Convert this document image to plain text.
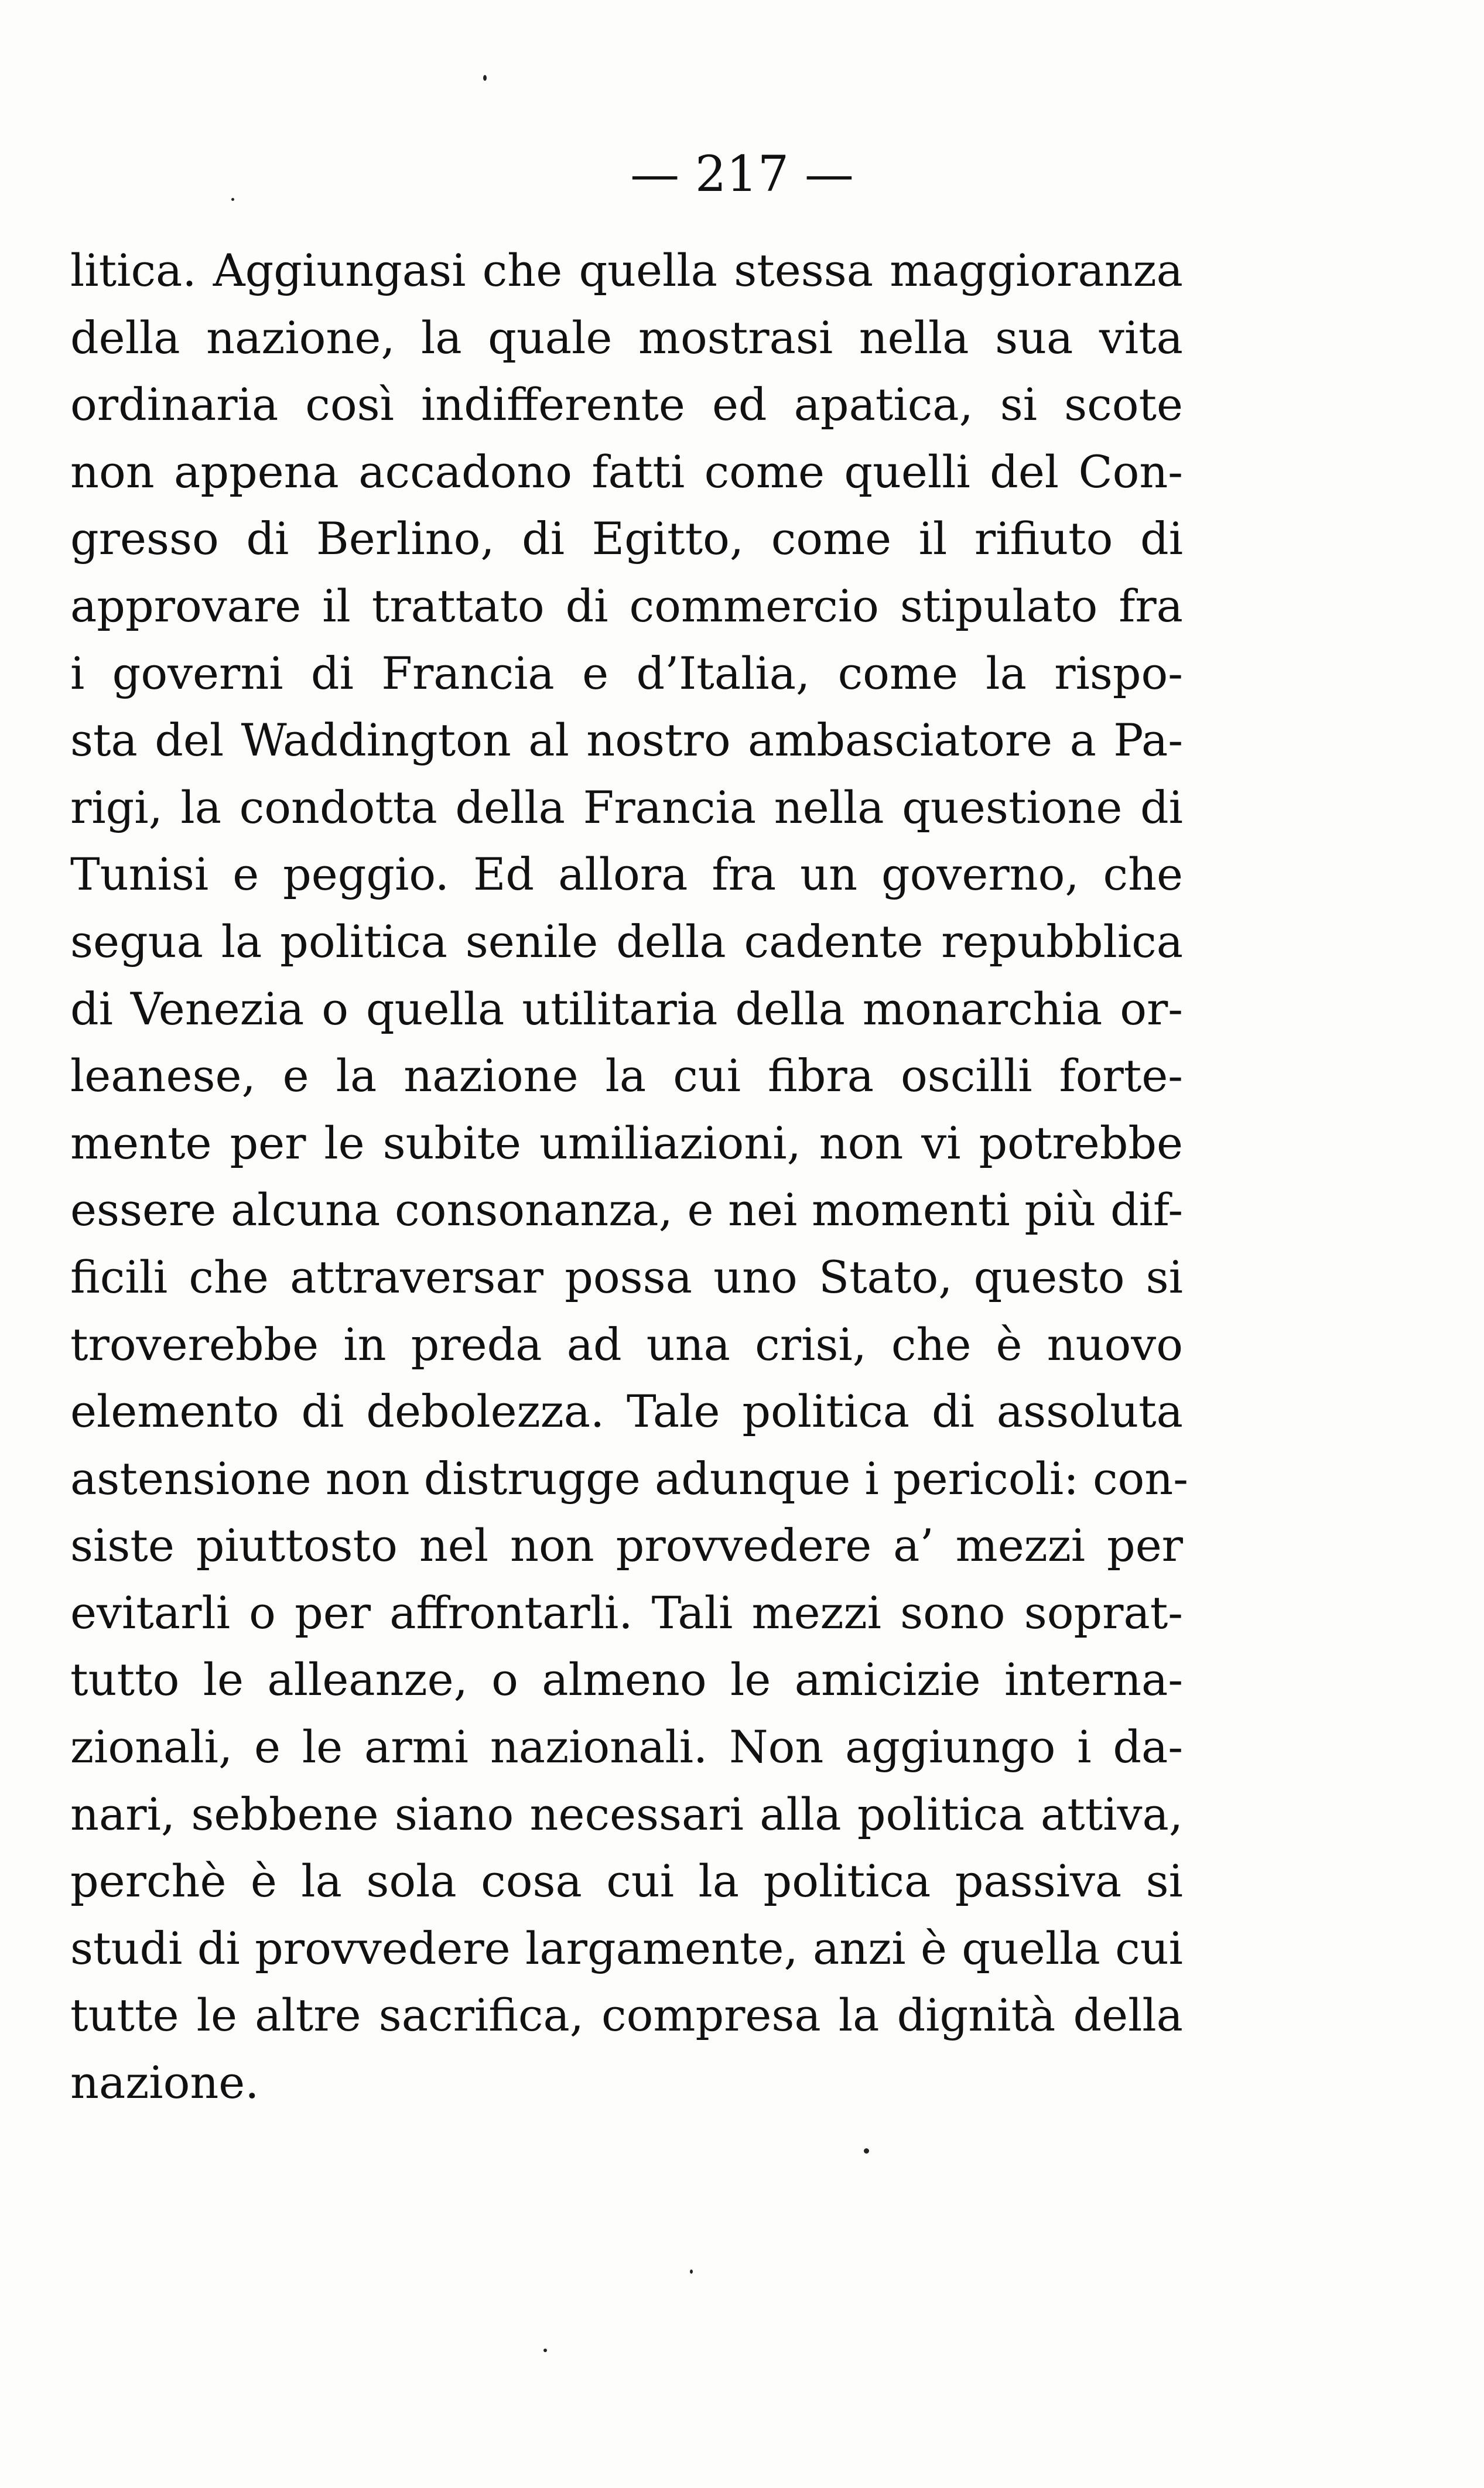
— 217 —
litica. Aggiungasi che quella stessa maggioranza
della nazione, la quale mostrasi nella sua vita
ordinaria così indifferente ed apatica, si scote
non appena accadono fatti come quelli del Con-
gresso di Berlino, di Egitto, come il rifiuto di
approvare il trattato di commercio stipulato fra
i governi di Francia e d’Italia, come la rispo-
sta del Waddington al nostro ambasciatore a Pa-
rigi, la condotta della Francia nella questione di
Tunisi e peggio. Ed allora fra un governo, che
segua la politica senile della cadente repubblica
di Venezia o quella utilitaria della monarchia or-
leanese, e la nazione la cui fibra oscilli forte-
mente per le subite umiliazioni, non vi potrebbe
essere alcuna consonanza, e nei momenti più dif-
ficili che attraversar possa uno Stato, questo si
troverebbe in preda ad una crisi, che è nuovo
elemento di debolezza. Tale politica di assoluta
astensione non distrugge adunque i pericoli: con-
siste piuttosto nel non provvedere a’ mezzi per
evitarli o per affrontarli. Tali mezzi sono soprat-
tutto le alleanze, o almeno le amicizie interna-
zionali, e le armi nazionali. Non aggiungo i da-
nari, sebbene siano necessari alla politica attiva,
perchè è la sola cosa cui la politica passiva si
studi di provvedere largamente, anzi è quella cui
tutte le altre sacrifica, compresa la dignità della
nazione.
